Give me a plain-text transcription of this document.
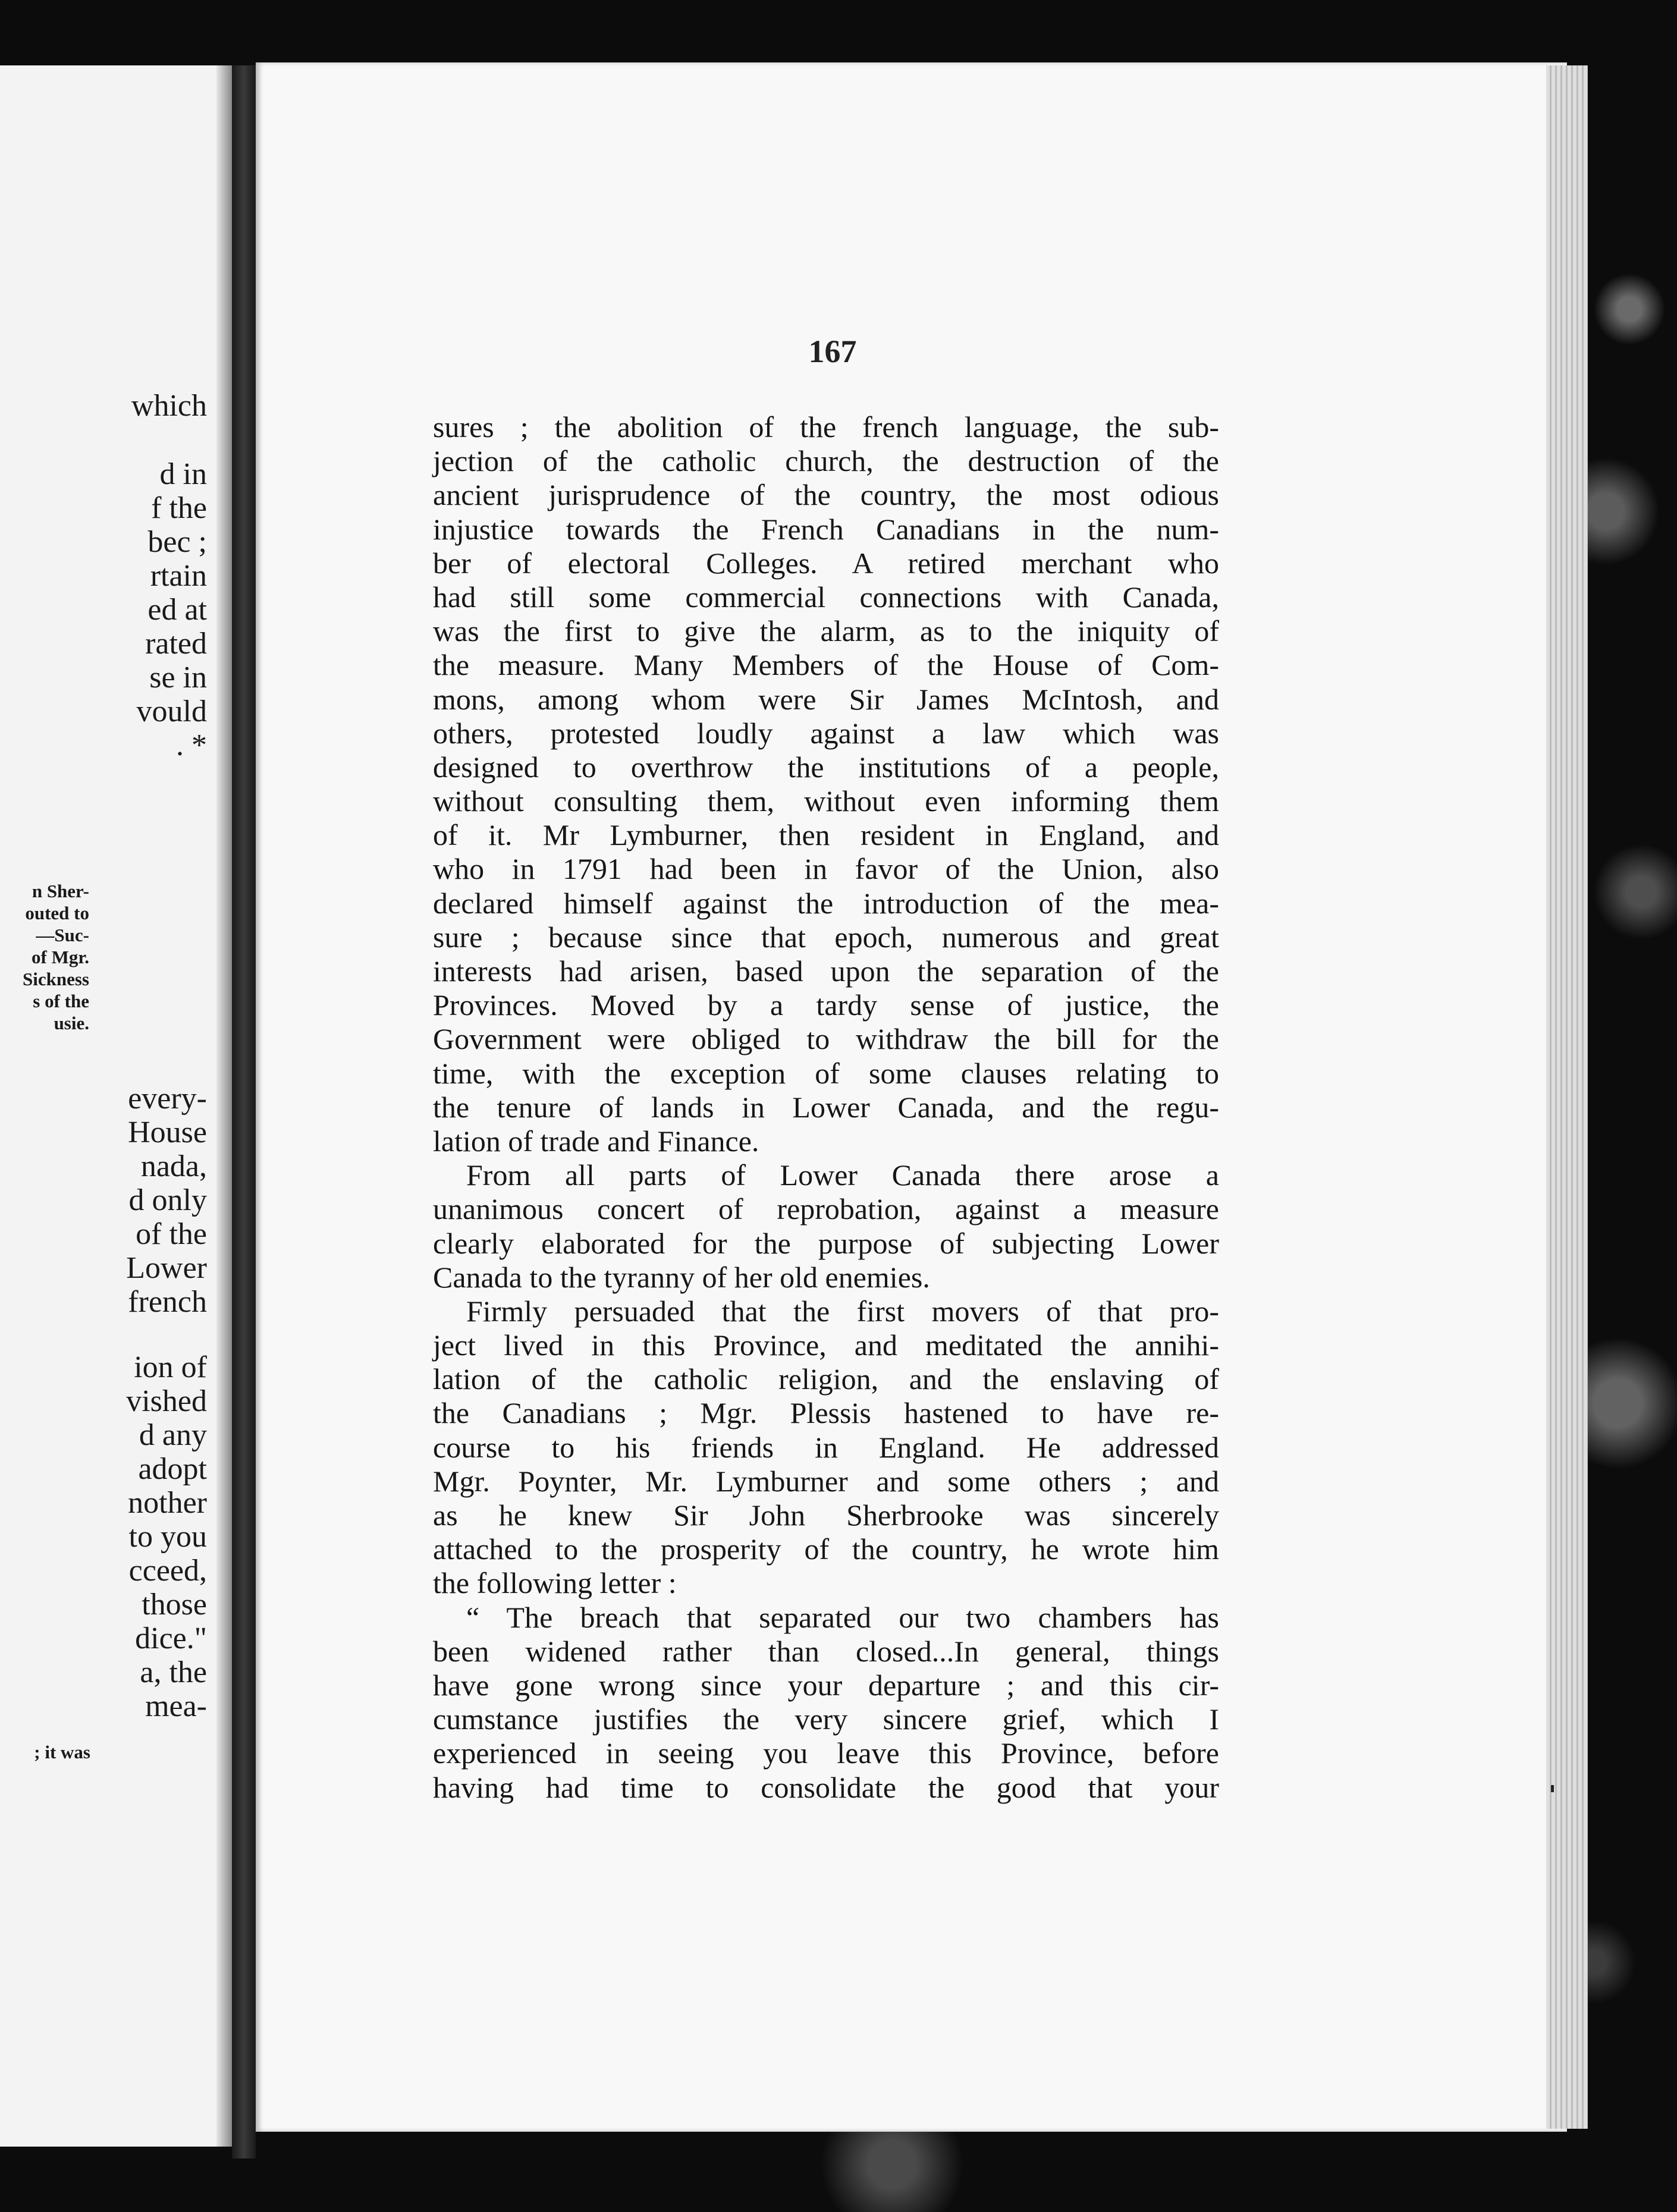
which
d in
f the
bec ;
rtain
ed at
rated
se in
vould
. *
n Sher-
outed to
—Suc-
of Mgr.
Sickness
s of the
usie.
every-
House
nada,
d only
of the
Lower
french
ion of
vished
d any
adopt
nother
to you
cceed,
those
dice."
a, the
mea-
; it was
167
sures ; the abolition of the french language, the sub-
jection of the catholic church, the destruction of the
ancient jurisprudence of the country, the most odious
injustice towards the French Canadians in the num-
ber of electoral Colleges. A retired merchant who
had still some commercial connections with Canada,
was the first to give the alarm, as to the iniquity of
the measure. Many Members of the House of Com-
mons, among whom were Sir James McIntosh, and
others, protested loudly against a law which was
designed to overthrow the institutions of a people,
without consulting them, without even informing them
of it. Mr Lymburner, then resident in England, and
who in 1791 had been in favor of the Union, also
declared himself against the introduction of the mea-
sure ; because since that epoch, numerous and great
interests had arisen, based upon the separation of the
Provinces. Moved by a tardy sense of justice, the
Government were obliged to withdraw the bill for the
time, with the exception of some clauses relating to
the tenure of lands in Lower Canada, and the regu-
lation of trade and Finance.
From all parts of Lower Canada there arose a
unanimous concert of reprobation, against a measure
clearly elaborated for the purpose of subjecting Lower
Canada to the tyranny of her old enemies.
Firmly persuaded that the first movers of that pro-
ject lived in this Province, and meditated the annihi-
lation of the catholic religion, and the enslaving of
the Canadians ; Mgr. Plessis hastened to have re-
course to his friends in England. He addressed
Mgr. Poynter, Mr. Lymburner and some others ; and
as he knew Sir John Sherbrooke was sincerely
attached to the prosperity of the country, he wrote him
the following letter :
“ The breach that separated our two chambers has
been widened rather than closed...In general, things
have gone wrong since your departure ; and this cir-
cumstance justifies the very sincere grief, which I
experienced in seeing you leave this Province, before
having had time to consolidate the good that your
